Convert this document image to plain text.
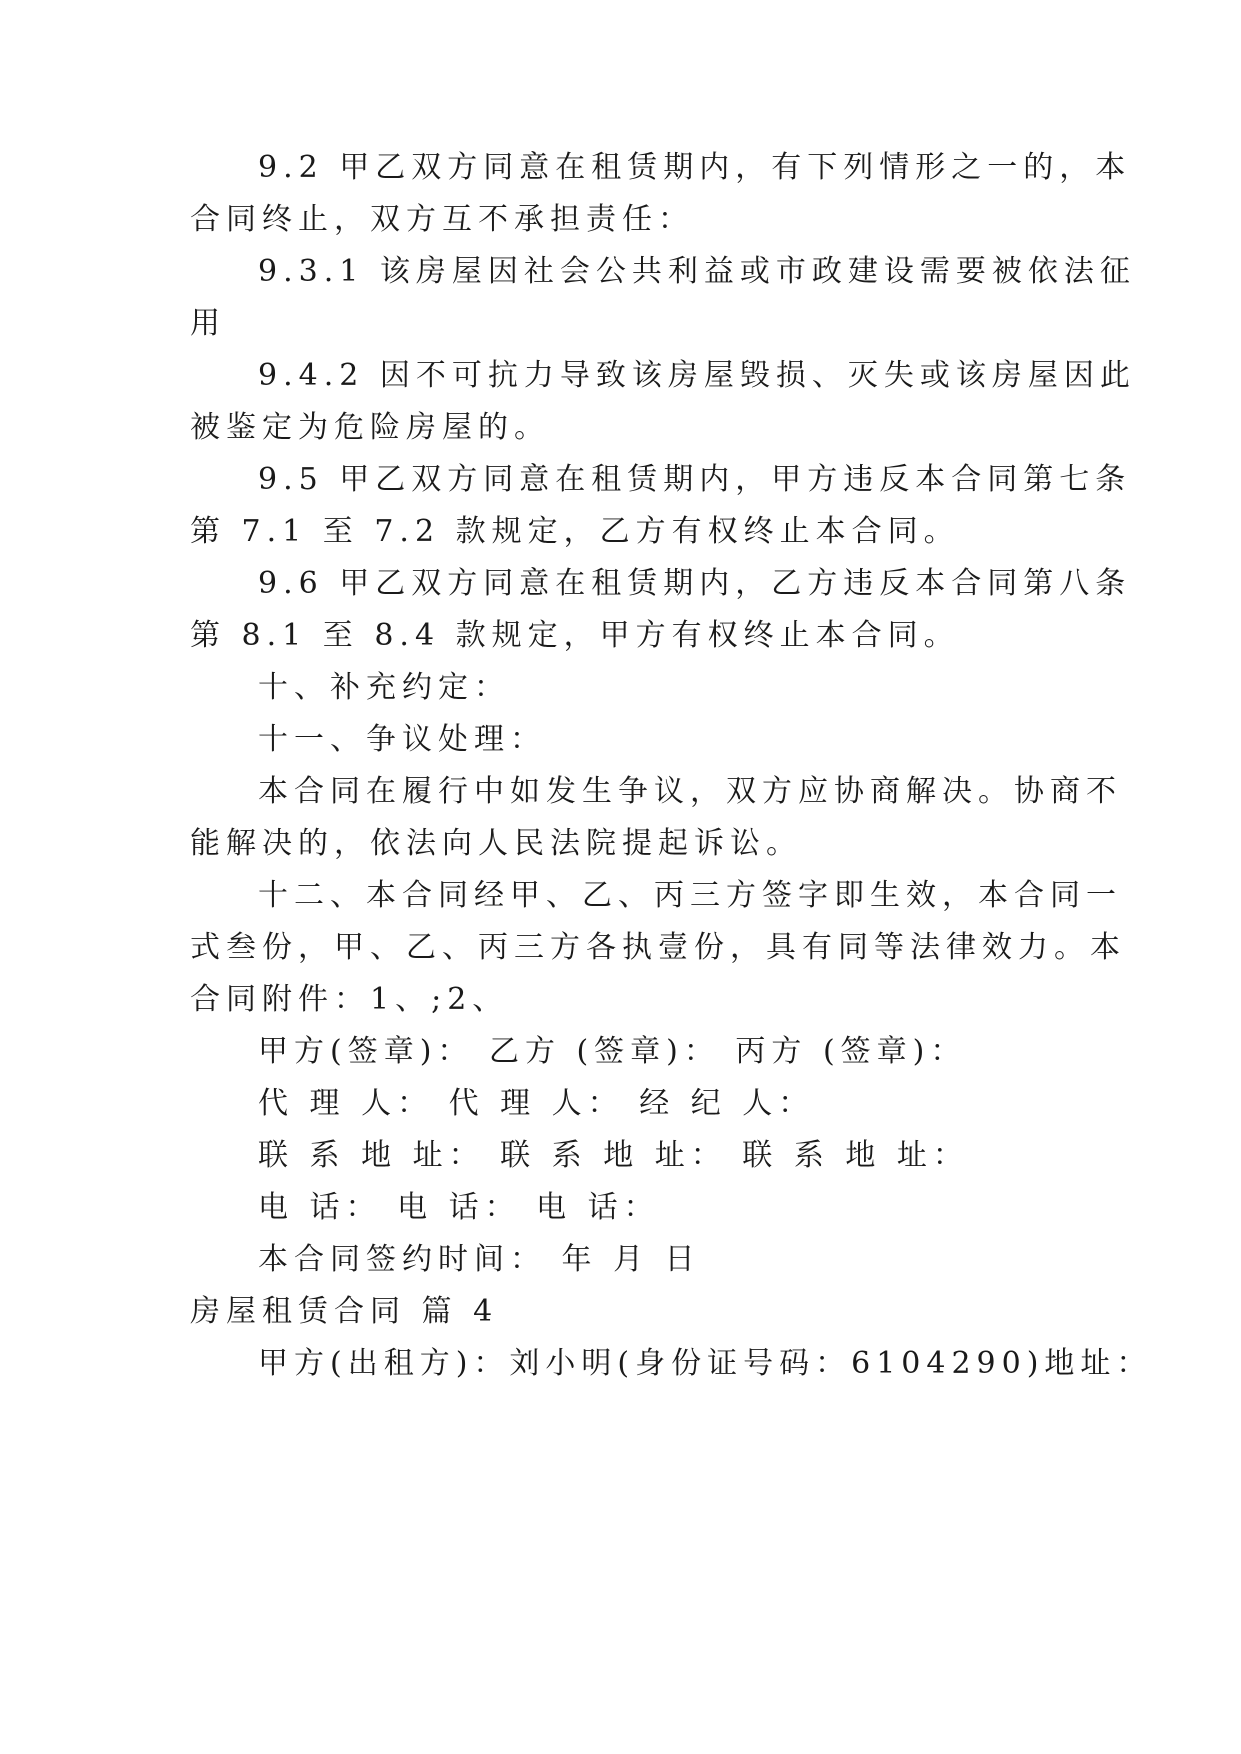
9.2 甲乙双方同意在租赁期内，有下列情形之一的，本
合同终止，双方互不承担责任：
9.3.1 该房屋因社会公共利益或市政建设需要被依法征
用
9.4.2 因不可抗力导致该房屋毁损、灭失或该房屋因此
被鉴定为危险房屋的。
9.5 甲乙双方同意在租赁期内，甲方违反本合同第七条
第 7.1 至 7.2 款规定，乙方有权终止本合同。
9.6 甲乙双方同意在租赁期内，乙方违反本合同第八条
第 8.1 至 8.4 款规定，甲方有权终止本合同。
十、补充约定：
十一、争议处理：
本合同在履行中如发生争议，双方应协商解决。协商不
能解决的，依法向人民法院提起诉讼。
十二、本合同经甲、乙、丙三方签字即生效，本合同一
式叁份，甲、乙、丙三方各执壹份，具有同等法律效力。本
合同附件：1、;2、
甲方(签章)： 乙方 (签章)： 丙方 (签章)：
代 理 人： 代 理 人： 经 纪 人：
联 系 地 址： 联 系 地 址： 联 系 地 址：
电 话： 电 话： 电 话：
本合同签约时间： 年 月 日
房屋租赁合同 篇 4
甲方(出租方)：刘小明(身份证号码：6104290)地址：
